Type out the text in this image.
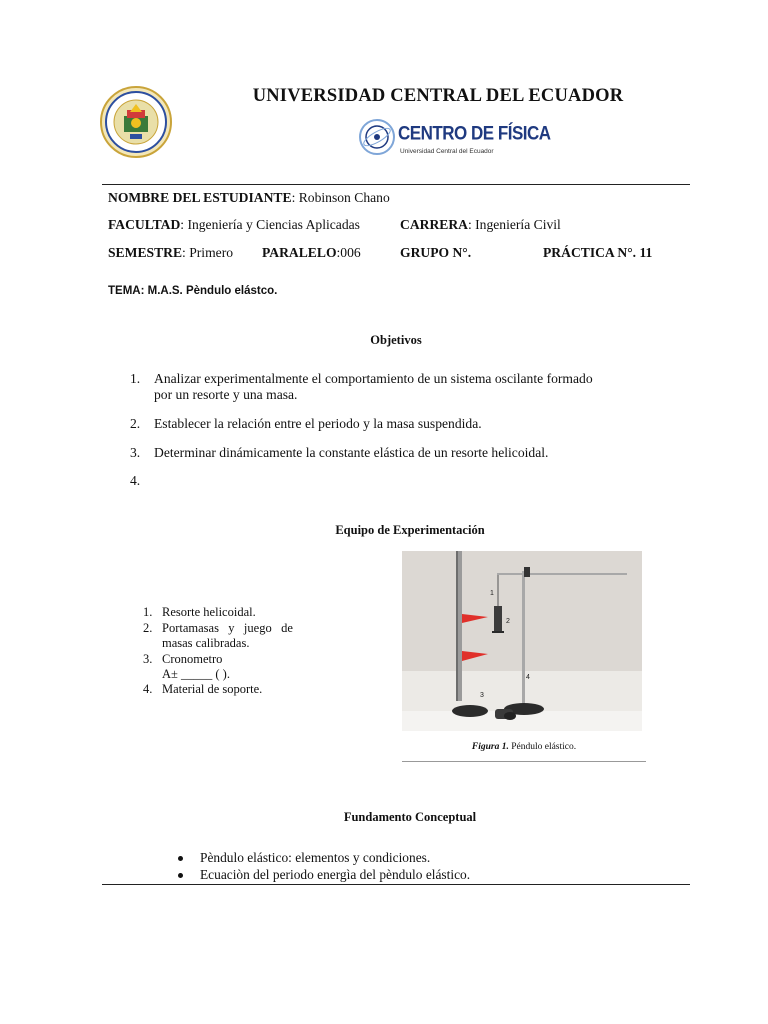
UNIVERSIDAD CENTRAL DEL ECUADOR
CENTRO DE FÍSICA
Universidad Central del Ecuador
NOMBRE DEL ESTUDIANTE: Robinson Chano
FACULTAD: Ingeniería y Ciencias Aplicadas	CARRERA: Ingeniería Civil
SEMESTRE: Primero PARALELO:006	GRUPO N°.	PRÁCTICA N°. 11
TEMA: M.A.S. Pèndulo elástco.
Objetivos
1. Analizar experimentalmente el comportamiento de un sistema oscilante formado
por un resorte y una masa.
2. Establecer la relación entre el periodo y la masa suspendida.
3. Determinar dinámicamente la constante elástica de un resorte helicoidal.
4.
Equipo de Experimentación
1. Resorte helicoidal.
2. Portamasas   y   juego   de
masas calibradas.
3. Cronometro
A± _____ ( ).
4. Material de soporte.
1
2
3
4
Figura 1. Péndulo elástico.
Fundamento Conceptual
Pèndulo elástico: elementos y condiciones.
Ecuaciòn del periodo energìa del pèndulo elástico.
